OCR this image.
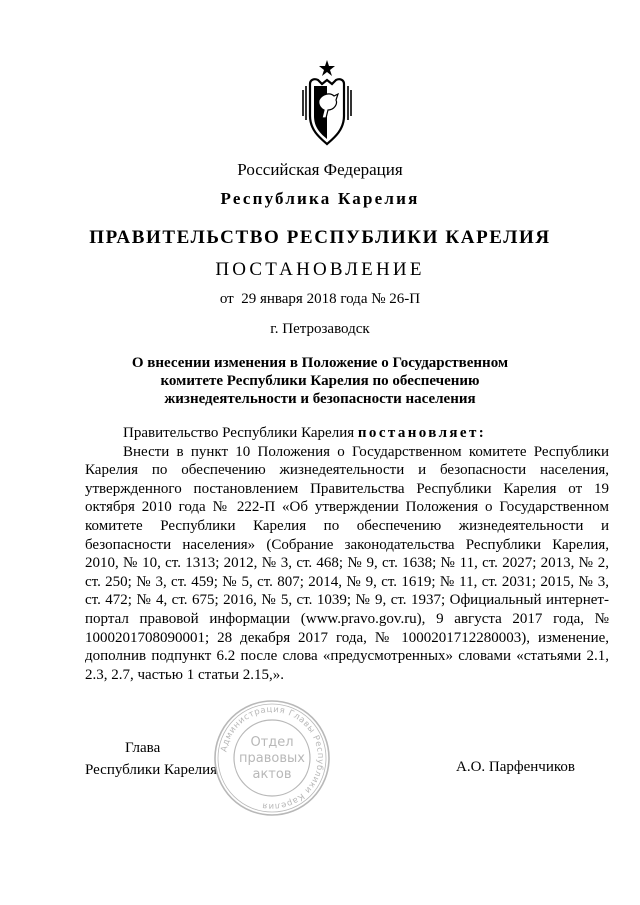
Российская Федерация
Республика Карелия
ПРАВИТЕЛЬСТВО РЕСПУБЛИКИ КАРЕЛИЯ
ПОСТАНОВЛЕНИЕ
от  29 января 2018 года № 26-П
г. Петрозаводск
О внесении изменения в Положение о Государственном
комитете Республики Карелия по обеспечению
жизнедеятельности и безопасности населения

Правительство Республики Карелия постановляет:

Внести в пункт 10 Положения о Государственном комитете Республики Карелия по обеспечению жизнедеятельности и безопасности населения, утвержденного постановлением Правительства Республики Карелия от 19 октября 2010 года № 222-П «Об утверждении Положения о Государственном комитете Республики Карелия по обеспечению жизнедеятельности и безопасности населения» (Собрание законодательства Республики Карелия, 2010, № 10, ст. 1313; 2012, № 3, ст. 468; № 9, ст. 1638; № 11, ст. 2027; 2013, № 2, ст. 250; № 3, ст. 459; № 5, ст. 807; 2014, № 9, ст. 1619; № 11, ст. 2031; 2015, № 3, ст. 472; № 4, ст. 675; 2016, № 5, ст. 1039; № 9, ст. 1937; Официальный интернет-портал правовой информации (www.pravo.gov.ru), 9 августа 2017 года, № 1000201708090001; 28 декабря 2017 года, № 1000201712280003), изменение, дополнив подпункт 6.2 после слова «предусмотренных» словами «статьями 2.1, 2.3, 2.7, частью 1 статьи 2.15,».

Глава
Республики Карелия	А.О. Парфенчиков
Администрация Главы Республики Карелия
Отдел
правовых
актов
